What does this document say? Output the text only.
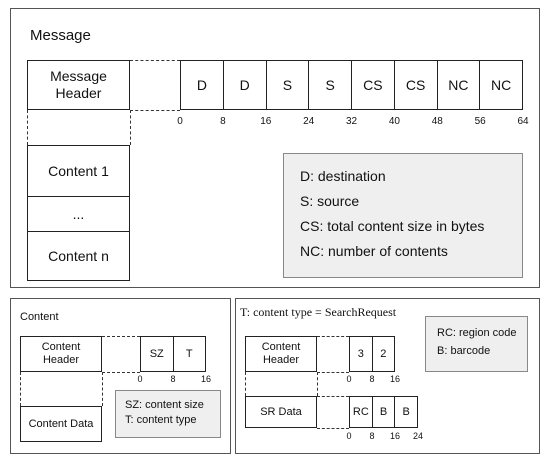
Message
Message Header	D	D	S	S	CS	CS	NC	NC
0	8	16	24	32	40	48	56	64
Content 1
...
Content n
D: destination
S: source
CS: total content size in bytes
NC: number of contents
Content
Content Header	SZ	T
0	8	16
Content Data
SZ: content size
T: content type
T: content type = SearchRequest
Content Header	3	2
0	8	16
SR Data	RC	B	B
0	8	16	24
RC: region code
B: barcode
